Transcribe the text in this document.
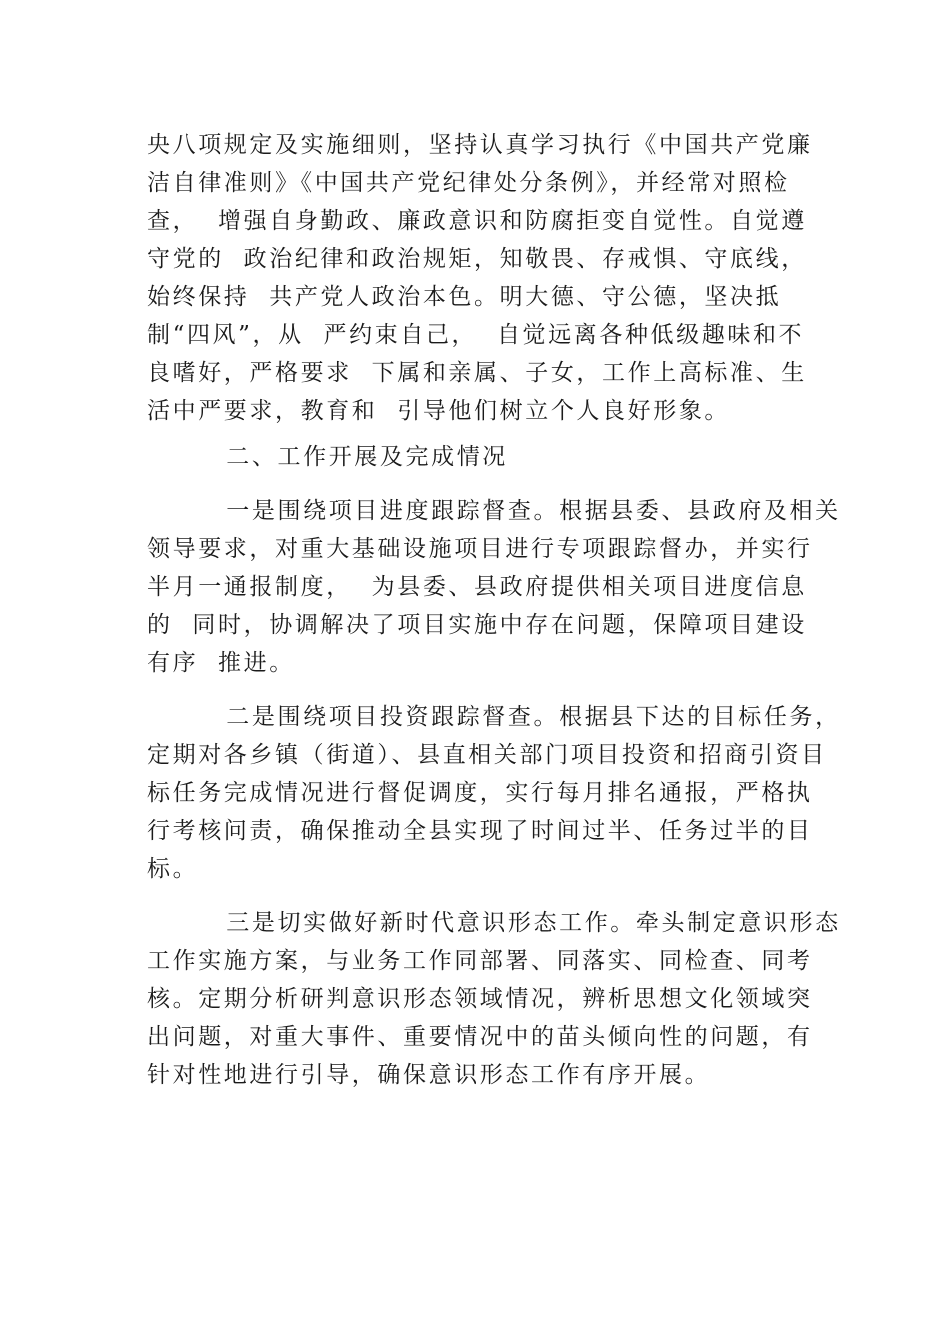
央八项规定及实施细则，坚持认真学习执行《中国共产党廉
洁自律准则》《中国共产党纪律处分条例》，并经常对照检
查，  增强自身勤政、廉政意识和防腐拒变自觉性。自觉遵
守党的  政治纪律和政治规矩，知敬畏、存戒惧、守底线，
始终保持  共产党人政治本色。明大德、守公德，坚决抵
制“四风”，从  严约束自己，  自觉远离各种低级趣味和不
良嗜好，严格要求  下属和亲属、子女，工作上高标准、生
活中严要求，教育和  引导他们树立个人良好形象。
二、工作开展及完成情况
一是围绕项目进度跟踪督查。根据县委、县政府及相关
领导要求，对重大基础设施项目进行专项跟踪督办，并实行
半月一通报制度，  为县委、县政府提供相关项目进度信息
的  同时，协调解决了项目实施中存在问题，保障项目建设
有序  推进。
二是围绕项目投资跟踪督查。根据县下达的目标任务，
定期对各乡镇（街道）、县直相关部门项目投资和招商引资目
标任务完成情况进行督促调度，实行每月排名通报，严格执
行考核问责，确保推动全县实现了时间过半、任务过半的目
标。
三是切实做好新时代意识形态工作。牵头制定意识形态
工作实施方案，与业务工作同部署、同落实、同检查、同考
核。定期分析研判意识形态领域情况，辨析思想文化领域突
出问题，对重大事件、重要情况中的苗头倾向性的问题，有
针对性地进行引导，确保意识形态工作有序开展。
